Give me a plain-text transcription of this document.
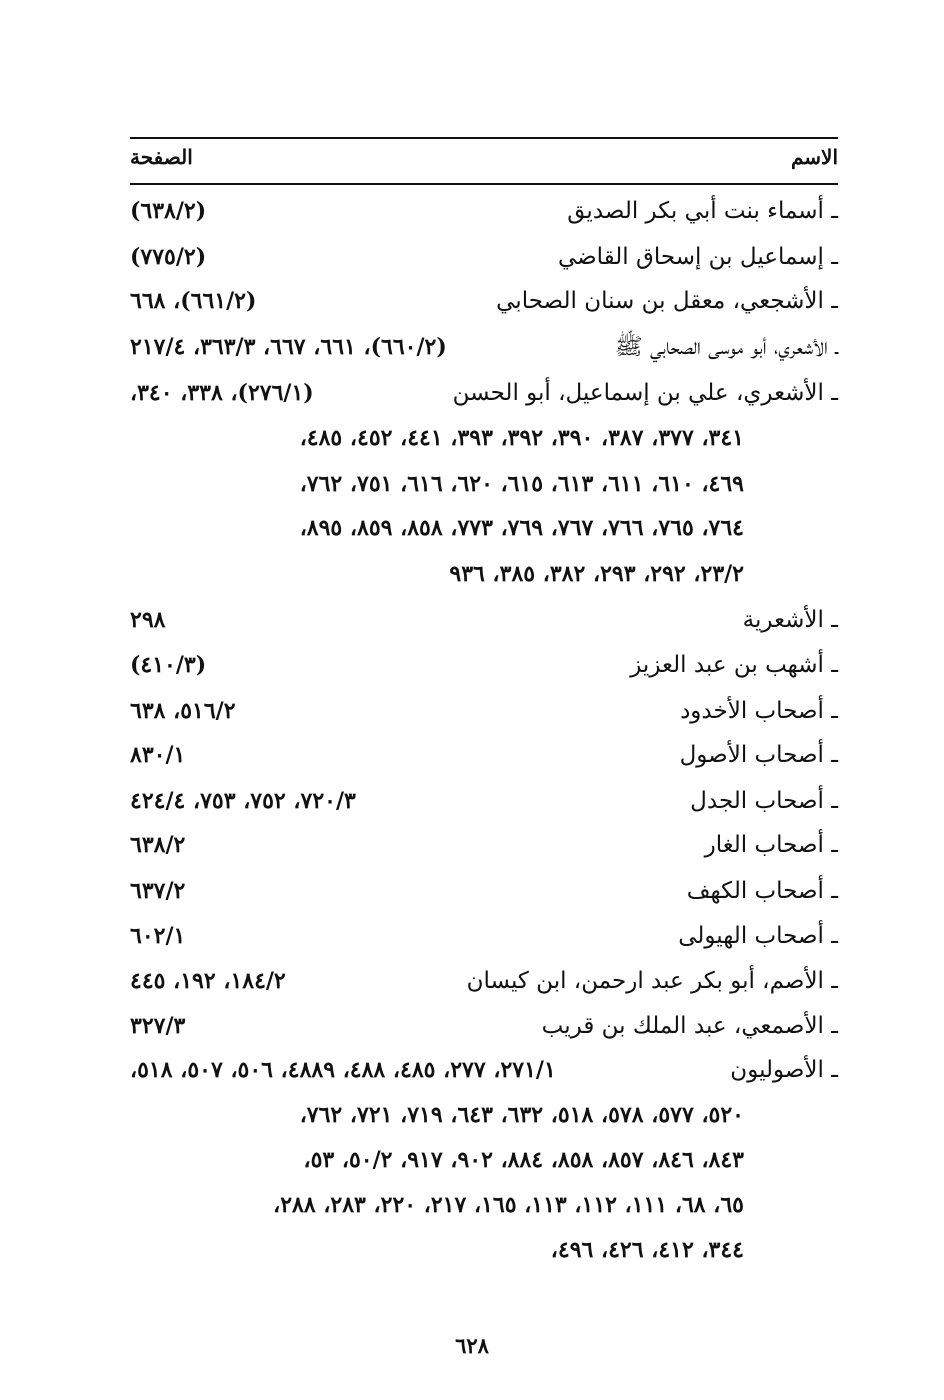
الاسم
الصفحة
ـ أسماء بنت أبي بكر الصديق
(٦٣٨/٢)
ـ إسماعيل بن إسحاق القاضي
(٧٧٥/٢)
ـ الأشجعي، معقل بن سنان الصحابي
(٦٦١/٢)، ٦٦٨
ـ الأشعري، أبو موسى الصحابي ﷺ
(٦٦٠/٢)، ٦٦١، ٦٦٧، ٣٦٣/٣، ٢١٧/٤
ـ الأشعري، علي بن إسماعيل، أبو الحسن
(٢٧٦/١)، ٣٣٨، ٣٤٠،
٣٤١، ٣٧٧، ٣٨٧، ٣٩٠، ٣٩٢، ٣٩٣، ٤٤١، ٤٥٢، ٤٨٥،
٤٦٩، ٦١٠، ٦١١، ٦١٣، ٦١٥، ٦٢٠، ٦١٦، ٧٥١، ٧٦٢،
٧٦٤، ٧٦٥، ٧٦٦، ٧٦٧، ٧٦٩، ٧٧٣، ٨٥٨، ٨٥٩، ٨٩٥،
٢٣/٢، ٢٩٢، ٢٩٣، ٣٨٢، ٣٨٥، ٩٣٦
ـ الأشعرية
٢٩٨
ـ أشهب بن عبد العزيز
(٤١٠/٣)
ـ أصحاب الأخدود
٥١٦/٢، ٦٣٨
ـ أصحاب الأصول
٨٣٠/١
ـ أصحاب الجدل
٧٢٠/٣، ٧٥٢، ٧٥٣، ٤٢٤/٤
ـ أصحاب الغار
٦٣٨/٢
ـ أصحاب الكهف
٦٣٧/٢
ـ أصحاب الهيولى
٦٠٢/١
ـ الأصم، أبو بكر عبد ارحمن، ابن كيسان
١٨٤/٢، ١٩٢، ٤٤٥
ـ الأصمعي، عبد الملك بن قريب
٣٢٧/٣
ـ الأصوليون
٢٧١/١، ٢٧٧، ٤٨٥، ٤٨٨، ٤٨٨٩، ٥٠٦، ٥٠٧، ٥١٨،
٥٢٠، ٥٧٧، ٥٧٨، ٥١٨، ٦٣٢، ٦٤٣، ٧١٩، ٧٢١، ٧٦٢،
٨٤٣، ٨٤٦، ٨٥٧، ٨٥٨، ٨٨٤، ٩٠٢، ٩١٧، ٥٠/٢، ٥٣،
٦٥، ٦٨، ١١١، ١١٢، ١١٣، ١٦٥، ٢١٧، ٢٢٠، ٢٨٣، ٢٨٨،
٣٤٤، ٤١٢، ٤٢٦، ٤٩٦،
٦٢٨
